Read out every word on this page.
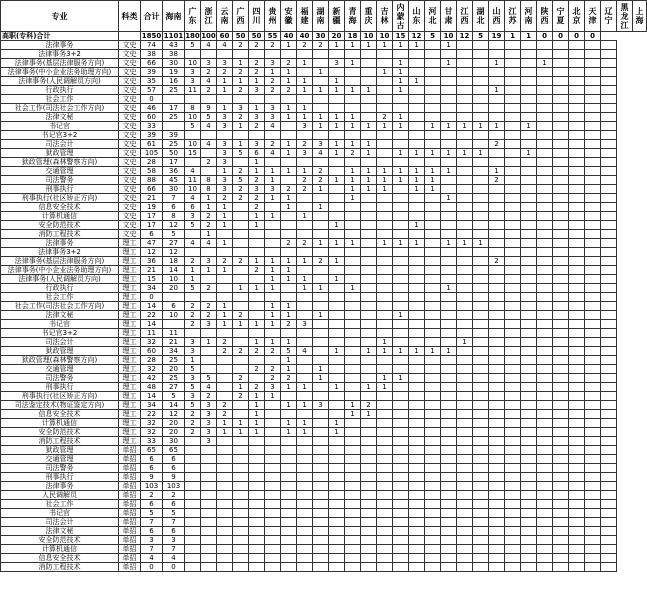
专业	科类	合计	海南	广东	浙江	云南	广西	四川	贵州	安徽	福建	湖南	新疆	青海	重庆	吉林	内蒙古	山东	河北	甘肃	江西	湖北	山西	江苏	河南	陕西	宁夏	北京	天津	辽宁	黑龙江	上海
高职(专科)合计		1850	1101	180	100	60	50	50	55	40	40	30	20	18	10	10	15	12	5	10	12	5	19	1	1	0	0	0	0			
法律事务	文史	74	43	5	4	4	2	2	2	1	2	2	1	1	1	1	1	1		1												
法律事务3+2	文史	38	38																													
法律事务(基层法律服务方向)	文史	66	30	10	3	3	1	2	3	2	1		3	1			1			1			1			1						
法律事务(中小企业法务助理方向)	文史	39	19	3	2	2	2	2	1	1		1				1	1															
法律事务(人民调解员方向)	文史	35	16	3	4	1	1	1	2	1	1		1				1	1														
行政执行	文史	57	25	11	2	1	2	3	2	2	1	1	1	1	1		1						1									
社会工作	文史	0																														
社会工作(司法社会工作方向)	文史	46	17	8	9	1	3	1	3	1	1																					
法律文秘	文史	60	25	10	5	3	2	3	3	1	1	1	1	1		2	1															
书记官	文史	33		5	4	3	1	2	4		3	1	1	1	1	1	1		1	1	1	1	1		1							
书记官3+2	文史	39	39																													
司法会计	文史	61	25	10	4	3	1	3	2	1	2	3	1	1	1								2									
狱政管理	文史	105	50	15		3	5	6	4	1	3	4	1	2	1		1	1	1	1	1	1			1							
狱政管理(森林警察方向)	文史	28	17		2	3		1																								
交通管理	文史	58	36	4		1	2	1	1	1	1	2		1	1	1	1	1	1	1			1									
司法警务	文史	88	45	11	8	3	5	2	1		2	2	1	1	1	1	1	1	1				2									
刑事执行	文史	66	30	10	8	3	2	3	3	2	2	1		1	1	1		1	1													
刑事执行(社区矫正方向)	文史	21	7	4	1	2	2	2	1	1				1						1												
信息安全技术	文史	19	6	6	1	1		2		1		1																				
计算机通信	文史	17	8	3	2	1		1	1		1																					
安全防范技术	文史	17	12	5	2	1		1					1					1														
消防工程技术	文史	6	5		1																											
法律事务	理工	47	27	4	4	1				2	2	1	1	1		1	1	1		1	1	1										
法律事务3+2	理工	12	12																													
法律事务(基层法律服务方向)	理工	36	18	2	3	2	2	1	1	1	1	2	1										2									
法律事务(中小企业法务助理方向)	理工	21	14	1	1	1		2	1	1																						
法律事务(人民调解员方向)	理工	15	10	1					1	1	1		1																			
行政执行	理工	34	20	5	2		1	1	1		1	1		1						1												
社会工作	理工	0																														
社会工作(司法社会工作方向)	理工	14	6	2	2	1			1	1																						
法律文秘	理工	22	10	2	2	1	2		1	1		1					1															
书记官	理工	14		2	3	1	1	1	1	2	3																					
书记官3+2	理工	11	11																													
司法会计	理工	32	21	3	1	2		1	1	1						1					1											
狱政管理	理工	60	34	3		2	2	2	2	5	4		1		1	1	1	1	1	1												
狱政管理(森林警察方向)	理工	28	25	1						1																						
交通管理	理工	32	20	5				2	2	1		1																				
司法警务	理工	42	25	3	5		2		2	2		1				1	1															
刑事执行	理工	48	27	5	4		1	2	3	1	1		1		1	1																
刑事执行(社区矫正方向)	理工	14	5	3	2		2	1	1																							
司法鉴定技术(物证鉴定方向)	理工	34	14	5	3	2		1		1	1	3		1	2																	
信息安全技术	理工	22	12	2	3	2		1						1	1																	
计算机通信	理工	32	20	2	3	1	1	1		1	1		1																			
安全防范技术	理工	32	20	2	3	1	1	1		1	1		1																			
消防工程技术	理工	33	30		3																											
狱政管理	单招	65	65																													
交通管理	单招	6	6																													
司法警务	单招	6	6																													
刑事执行	单招	9	9																													
法律事务	单招	103	103																													
人民调解员	单招	2	2																													
社会工作	单招	6	6																													
书记官	单招	5	5																													
司法会计	单招	7	7																													
法律文秘	单招	6	6																													
安全防范技术	单招	3	3																													
计算机通信	单招	7	7																													
信息安全技术	单招	4	4																													
消防工程技术	单招	0	0																													
